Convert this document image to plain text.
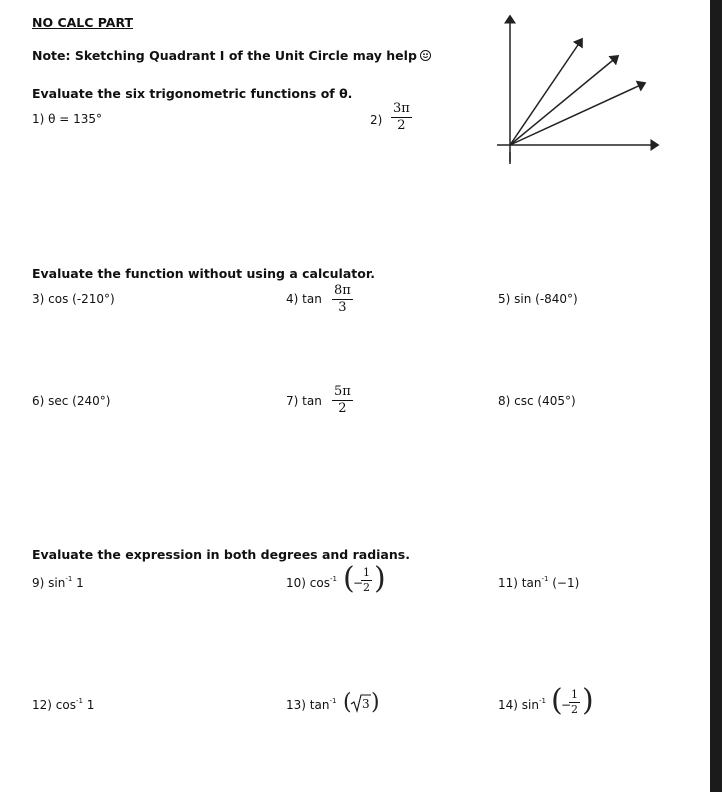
NO CALC PART
Note: Sketching Quadrant I of the Unit Circle may help
Evaluate the six trigonometric functions of θ.
1) θ = 135°	$2) \frac{3\pi}{2}$
Evaluate the function without using a calculator.
3) cos (-210°)	4) $\tan \frac{8\pi}{3}$	5) sin (-840°)
6) sec (240°)	7) $\tan \frac{5\pi}{2}$	8) csc (405°)
Evaluate the expression in both degrees and radians.
9) $\sin^{-1} 1$	10) $\cos^{-1}$ (
−
$\frac{1}{2}$ )	11) $\tan^{-1} (-1)$
12) $\cos^{-1} 1$	13) $\tan^{-1}$ ( 3 )	14) $\sin^{-1}$ (
−
$\frac{1}{2}$ )
